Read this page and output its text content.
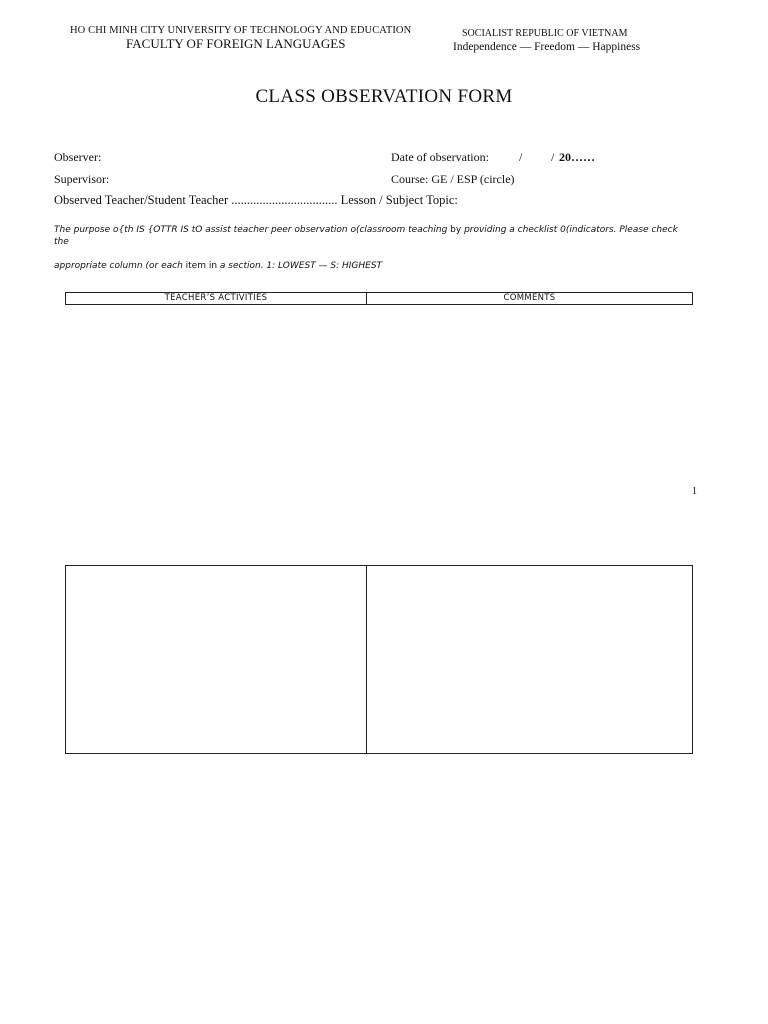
HO CHI MINH CITY UNIVERSITY OF TECHNOLOGY AND EDUCATION
FACULTY OF FOREIGN LANGUAGES
SOCIALIST REPUBLIC OF VIETNAM
Independence — Freedom — Happiness
CLASS OBSERVATION FORM
Observer:
Supervisor:
Observed Teacher/Student Teacher .................................. Lesson / Subject Topic:
Date of observation:	/ / 20……
Course: GE / ESP (circle)
The purpose o{th IS {OTTR IS tO assist teacher peer observation o(classroom teaching by providing a checklist 0(indicators. Please check the
appropriate column (or each item in a section. 1: LOWEST — S: HIGHEST
TEACHER’S ACTIVITIES	COMMENTS
1
